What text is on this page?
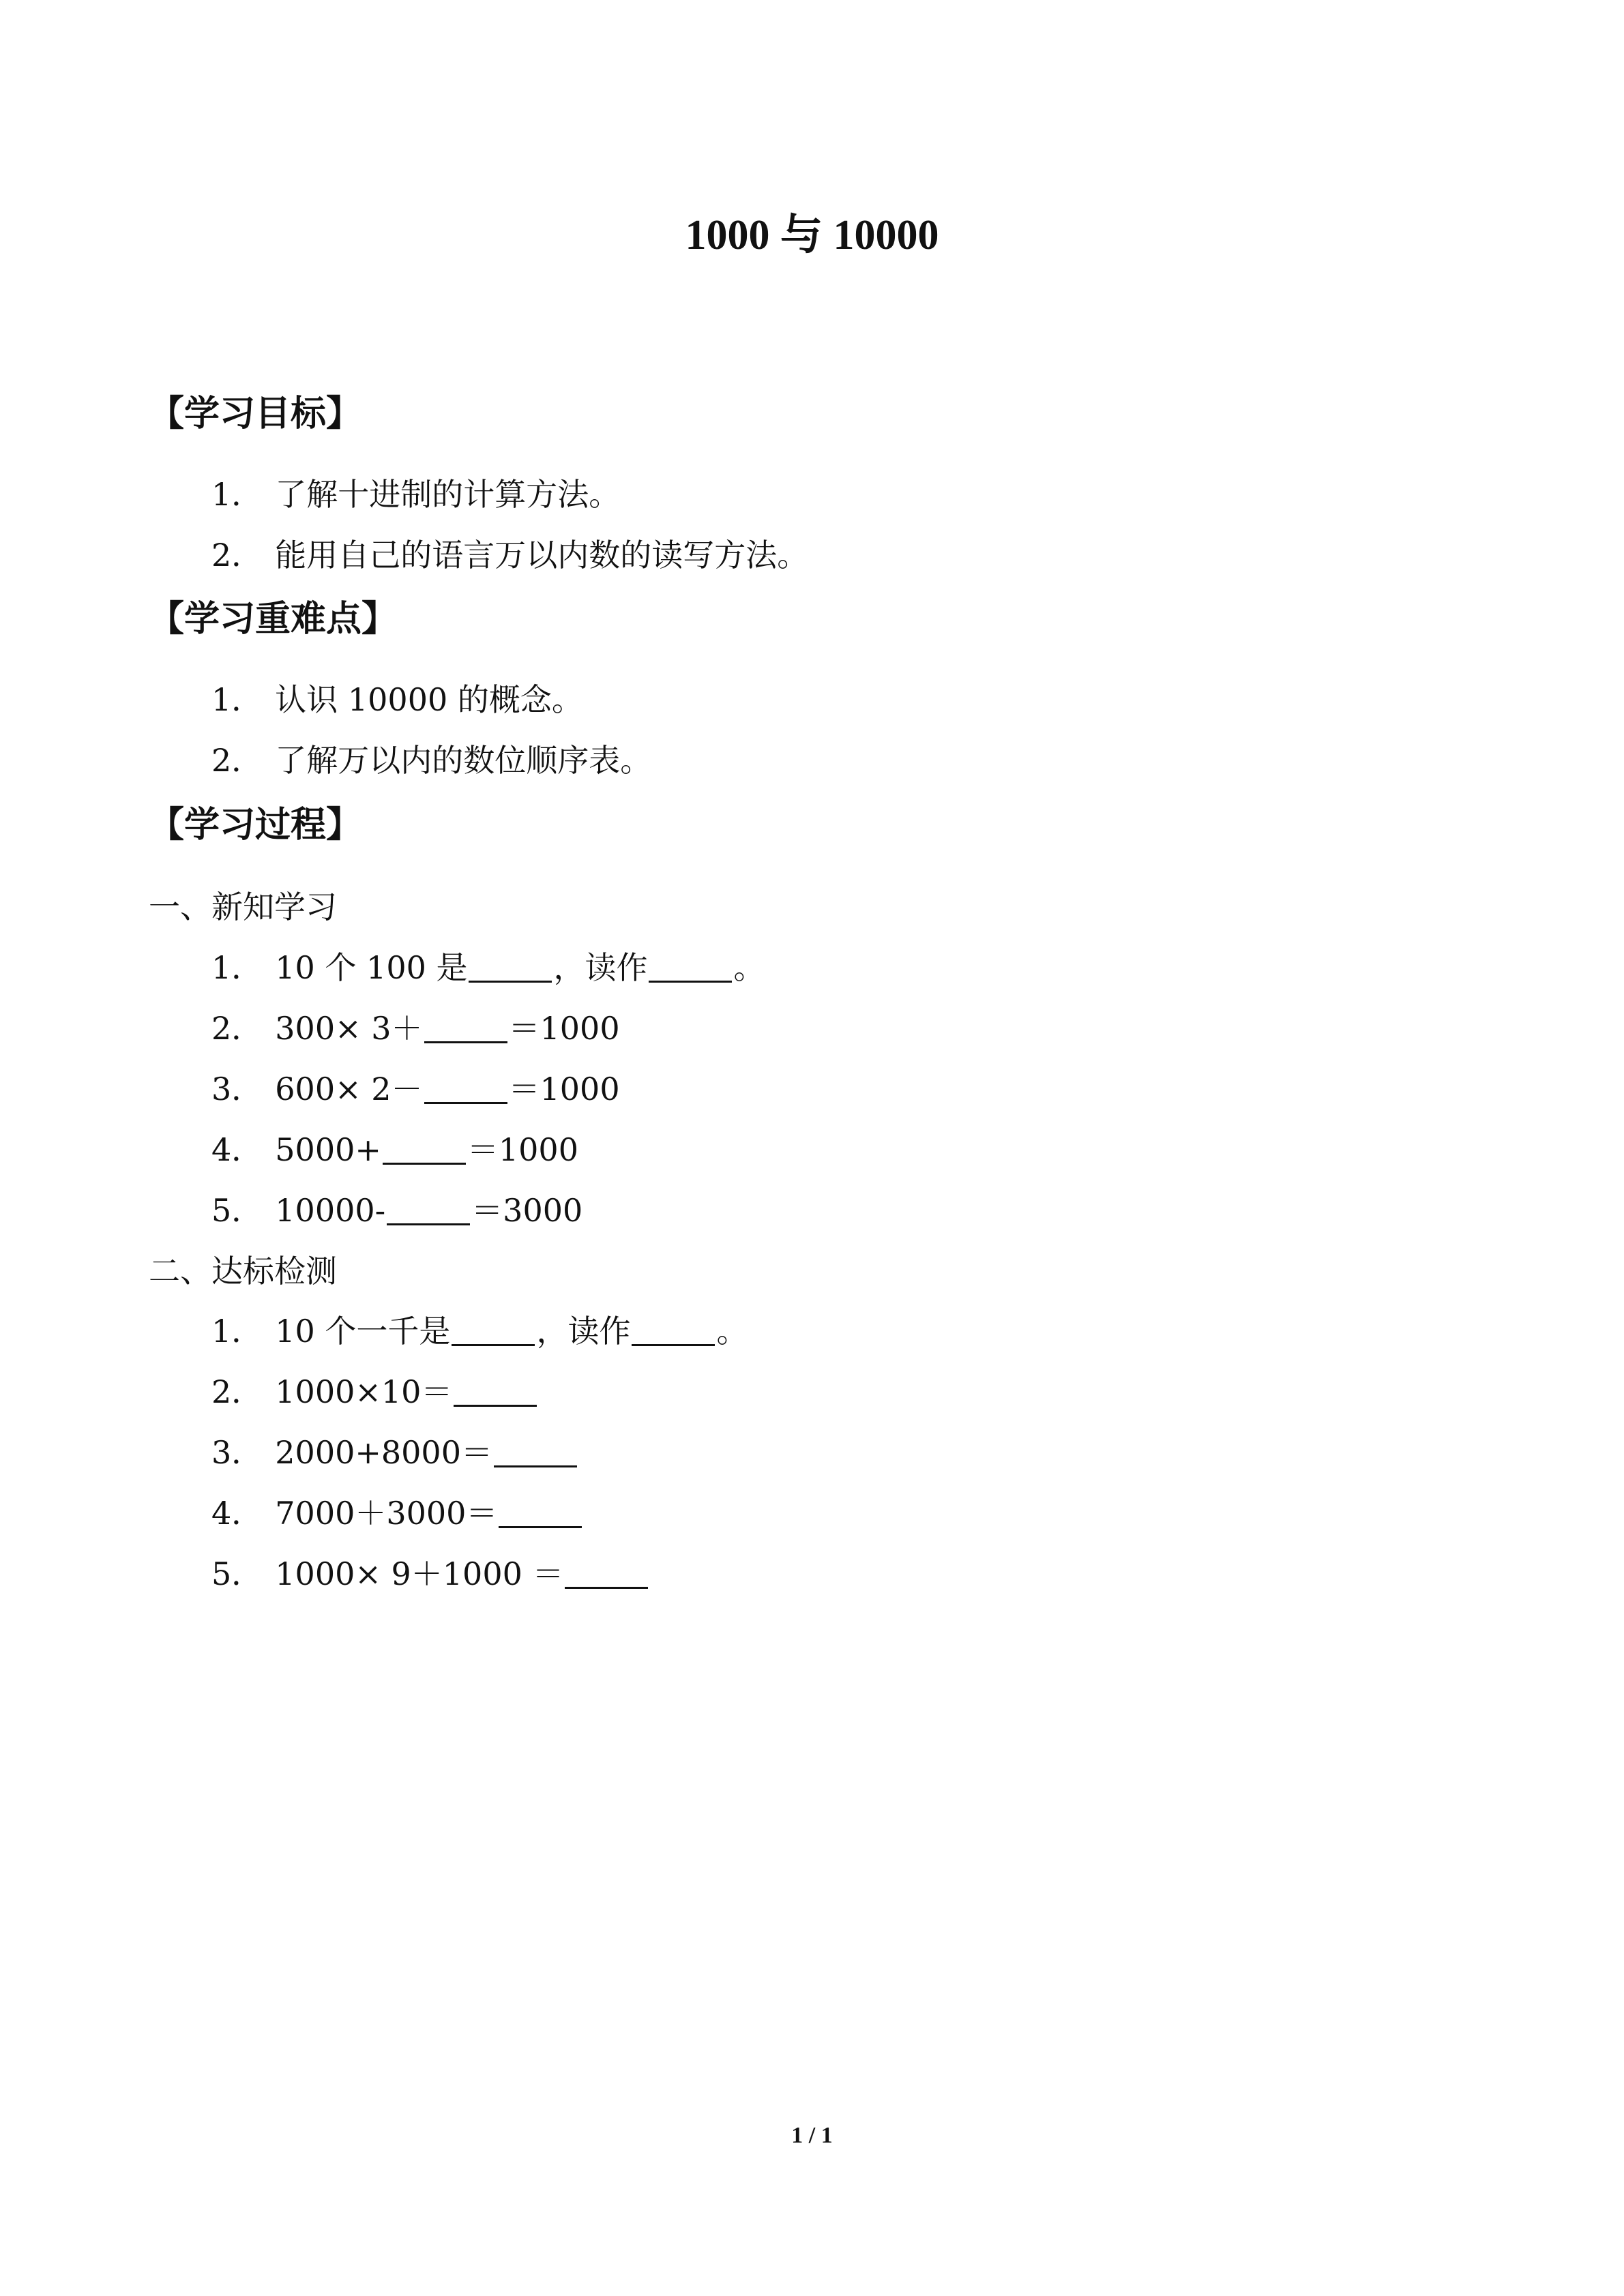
1000 与 10000
【学习目标】

1． 了解十进制的计算方法。

2． 能用自己的语言万以内数的读写方法。

【学习重难点】

1． 认识 10000 的概念。

2． 了解万以内的数位顺序表。

【学习过程】

一、新知学习

1． 10 个 100 是	，读作	。

2． 300× 3＋	＝1000

3． 600× 2－	＝1000

4． 5000+	＝1000

5． 10000-	＝3000

二、达标检测

1． 10 个一千是	，读作	。

2． 1000×10＝

3． 2000+8000＝

4． 7000＋3000＝

5． 1000× 9＋1000 ＝

1 / 1
